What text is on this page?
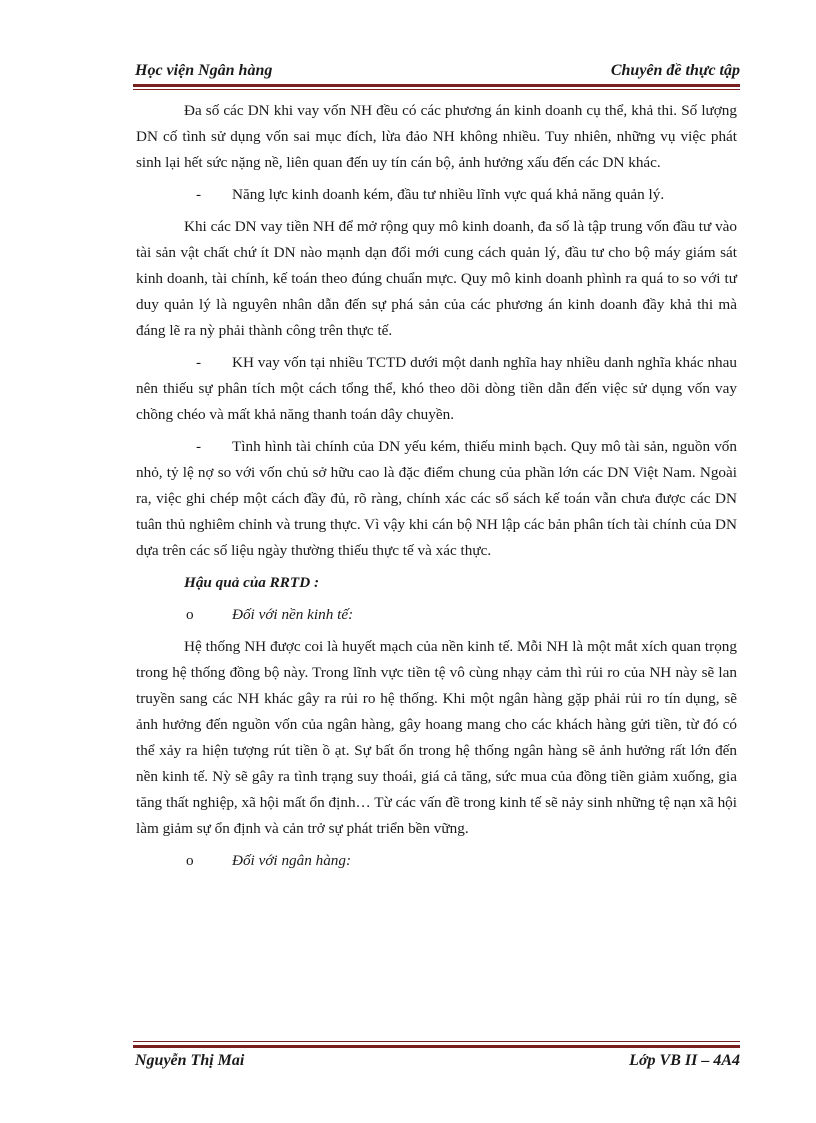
Học viện Ngân hàng	Chuyên đề thực tập

Đa số các DN khi vay vốn NH đều có các phương án kinh doanh cụ thể, khả thi. Số lượng DN cố tình sử dụng vốn sai mục đích, lừa đảo NH không nhiều. Tuy nhiên, những vụ việc phát sinh lại hết sức nặng nề, liên quan đến uy tín cán bộ, ảnh hưởng xấu đến các DN khác.

- Năng lực kinh doanh kém, đầu tư nhiều lĩnh vực quá khả năng quản lý.

Khi các DN vay tiền NH để mở rộng quy mô kinh doanh, đa số là tập trung vốn đầu tư vào tài sản vật chất chứ ít DN nào mạnh dạn đổi mới cung cách quản lý, đầu tư cho bộ máy giám sát kinh doanh, tài chính, kế toán theo đúng chuẩn mực. Quy mô kinh doanh phình ra quá to so với tư duy quản lý là nguyên nhân dẫn đến sự phá sản của các phương án kinh doanh đầy khả thi mà đáng lẽ ra nỳ phải thành công trên thực tế.

- KH vay vốn tại nhiều TCTD dưới một danh nghĩa hay nhiều danh nghĩa khác nhau nên thiếu sự phân tích một cách tổng thể, khó theo dõi dòng tiền dẫn đến việc sử dụng vốn vay chồng chéo và mất khả năng thanh toán dây chuyền.

- Tình hình tài chính của DN yếu kém, thiếu minh bạch. Quy mô tài sản, nguồn vốn nhỏ, tỷ lệ nợ so với vốn chủ sở hữu cao là đặc điểm chung của phần lớn các DN Việt Nam. Ngoài ra, việc ghi chép một cách đầy đủ, rõ ràng, chính xác các sổ sách kế toán vẫn chưa được các DN tuân thủ nghiêm chỉnh và trung thực. Vì vậy khi cán bộ NH lập các bản phân tích tài chính của DN dựa trên các số liệu ngày thường thiếu thực tế và xác thực.

Hậu quả của RRTD :

o	Đối với nền kinh tế:

Hệ thống NH được coi là huyết mạch của nền kinh tế. Mỗi NH là một mắt xích quan trọng trong hệ thống đồng bộ này. Trong lĩnh vực tiền tệ vô cùng nhạy cảm thì rủi ro của NH này sẽ lan truyền sang các NH khác gây ra rủi ro hệ thống. Khi một ngân hàng gặp phải rủi ro tín dụng, sẽ ảnh hưởng đến nguồn vốn của ngân hàng, gây hoang mang cho các khách hàng gửi tiền, từ đó có thể xảy ra hiện tượng rút tiền ồ ạt. Sự bất ổn trong hệ thống ngân hàng sẽ ảnh hưởng rất lớn đến nền kinh tế. Nỳ sẽ gây ra tình trạng suy thoái, giá cả tăng, sức mua của đồng tiền giảm xuống, gia tăng thất nghiệp, xã hội mất ổn định… Từ các vấn đề trong kinh tế sẽ nảy sinh những tệ nạn xã hội làm giảm sự ổn định và cản trở sự phát triển bền vững.

o	Đối với ngân hàng:

Nguyễn Thị Mai	Lớp VB II – 4A4
